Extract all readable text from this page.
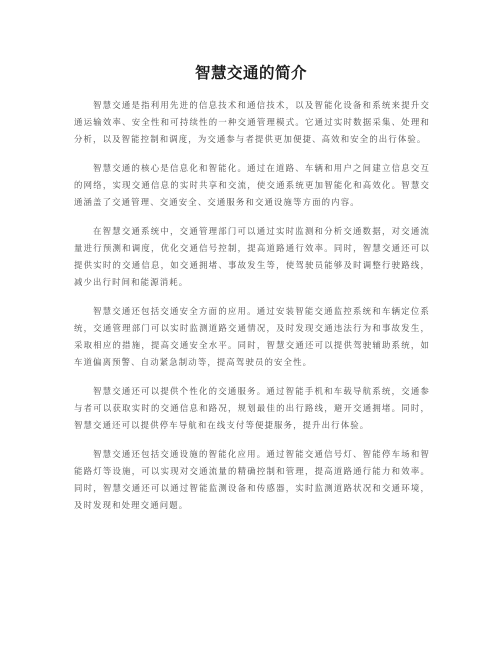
智慧交通的简介

智慧交通是指利用先进的信息技术和通信技术，以及智能化设备和系统来提升交通运输效率、安全性和可持续性的一种交通管理模式。它通过实时数据采集、处理和分析，以及智能控制和调度，为交通参与者提供更加便捷、高效和安全的出行体验。

智慧交通的核心是信息化和智能化。通过在道路、车辆和用户之间建立信息交互的网络，实现交通信息的实时共享和交流，使交通系统更加智能化和高效化。智慧交通涵盖了交通管理、交通安全、交通服务和交通设施等方面的内容。

在智慧交通系统中，交通管理部门可以通过实时监测和分析交通数据，对交通流量进行预测和调度，优化交通信号控制，提高道路通行效率。同时，智慧交通还可以提供实时的交通信息，如交通拥堵、事故发生等，使驾驶员能够及时调整行驶路线，减少出行时间和能源消耗。

智慧交通还包括交通安全方面的应用。通过安装智能交通监控系统和车辆定位系统，交通管理部门可以实时监测道路交通情况，及时发现交通违法行为和事故发生，采取相应的措施，提高交通安全水平。同时，智慧交通还可以提供驾驶辅助系统，如车道偏离预警、自动紧急制动等，提高驾驶员的安全性。

智慧交通还可以提供个性化的交通服务。通过智能手机和车载导航系统，交通参与者可以获取实时的交通信息和路况，规划最佳的出行路线，避开交通拥堵。同时，智慧交通还可以提供停车导航和在线支付等便捷服务，提升出行体验。

智慧交通还包括交通设施的智能化应用。通过智能交通信号灯、智能停车场和智能路灯等设施，可以实现对交通流量的精确控制和管理，提高道路通行能力和效率。同时，智慧交通还可以通过智能监测设备和传感器，实时监测道路状况和交通环境，及时发现和处理交通问题。
